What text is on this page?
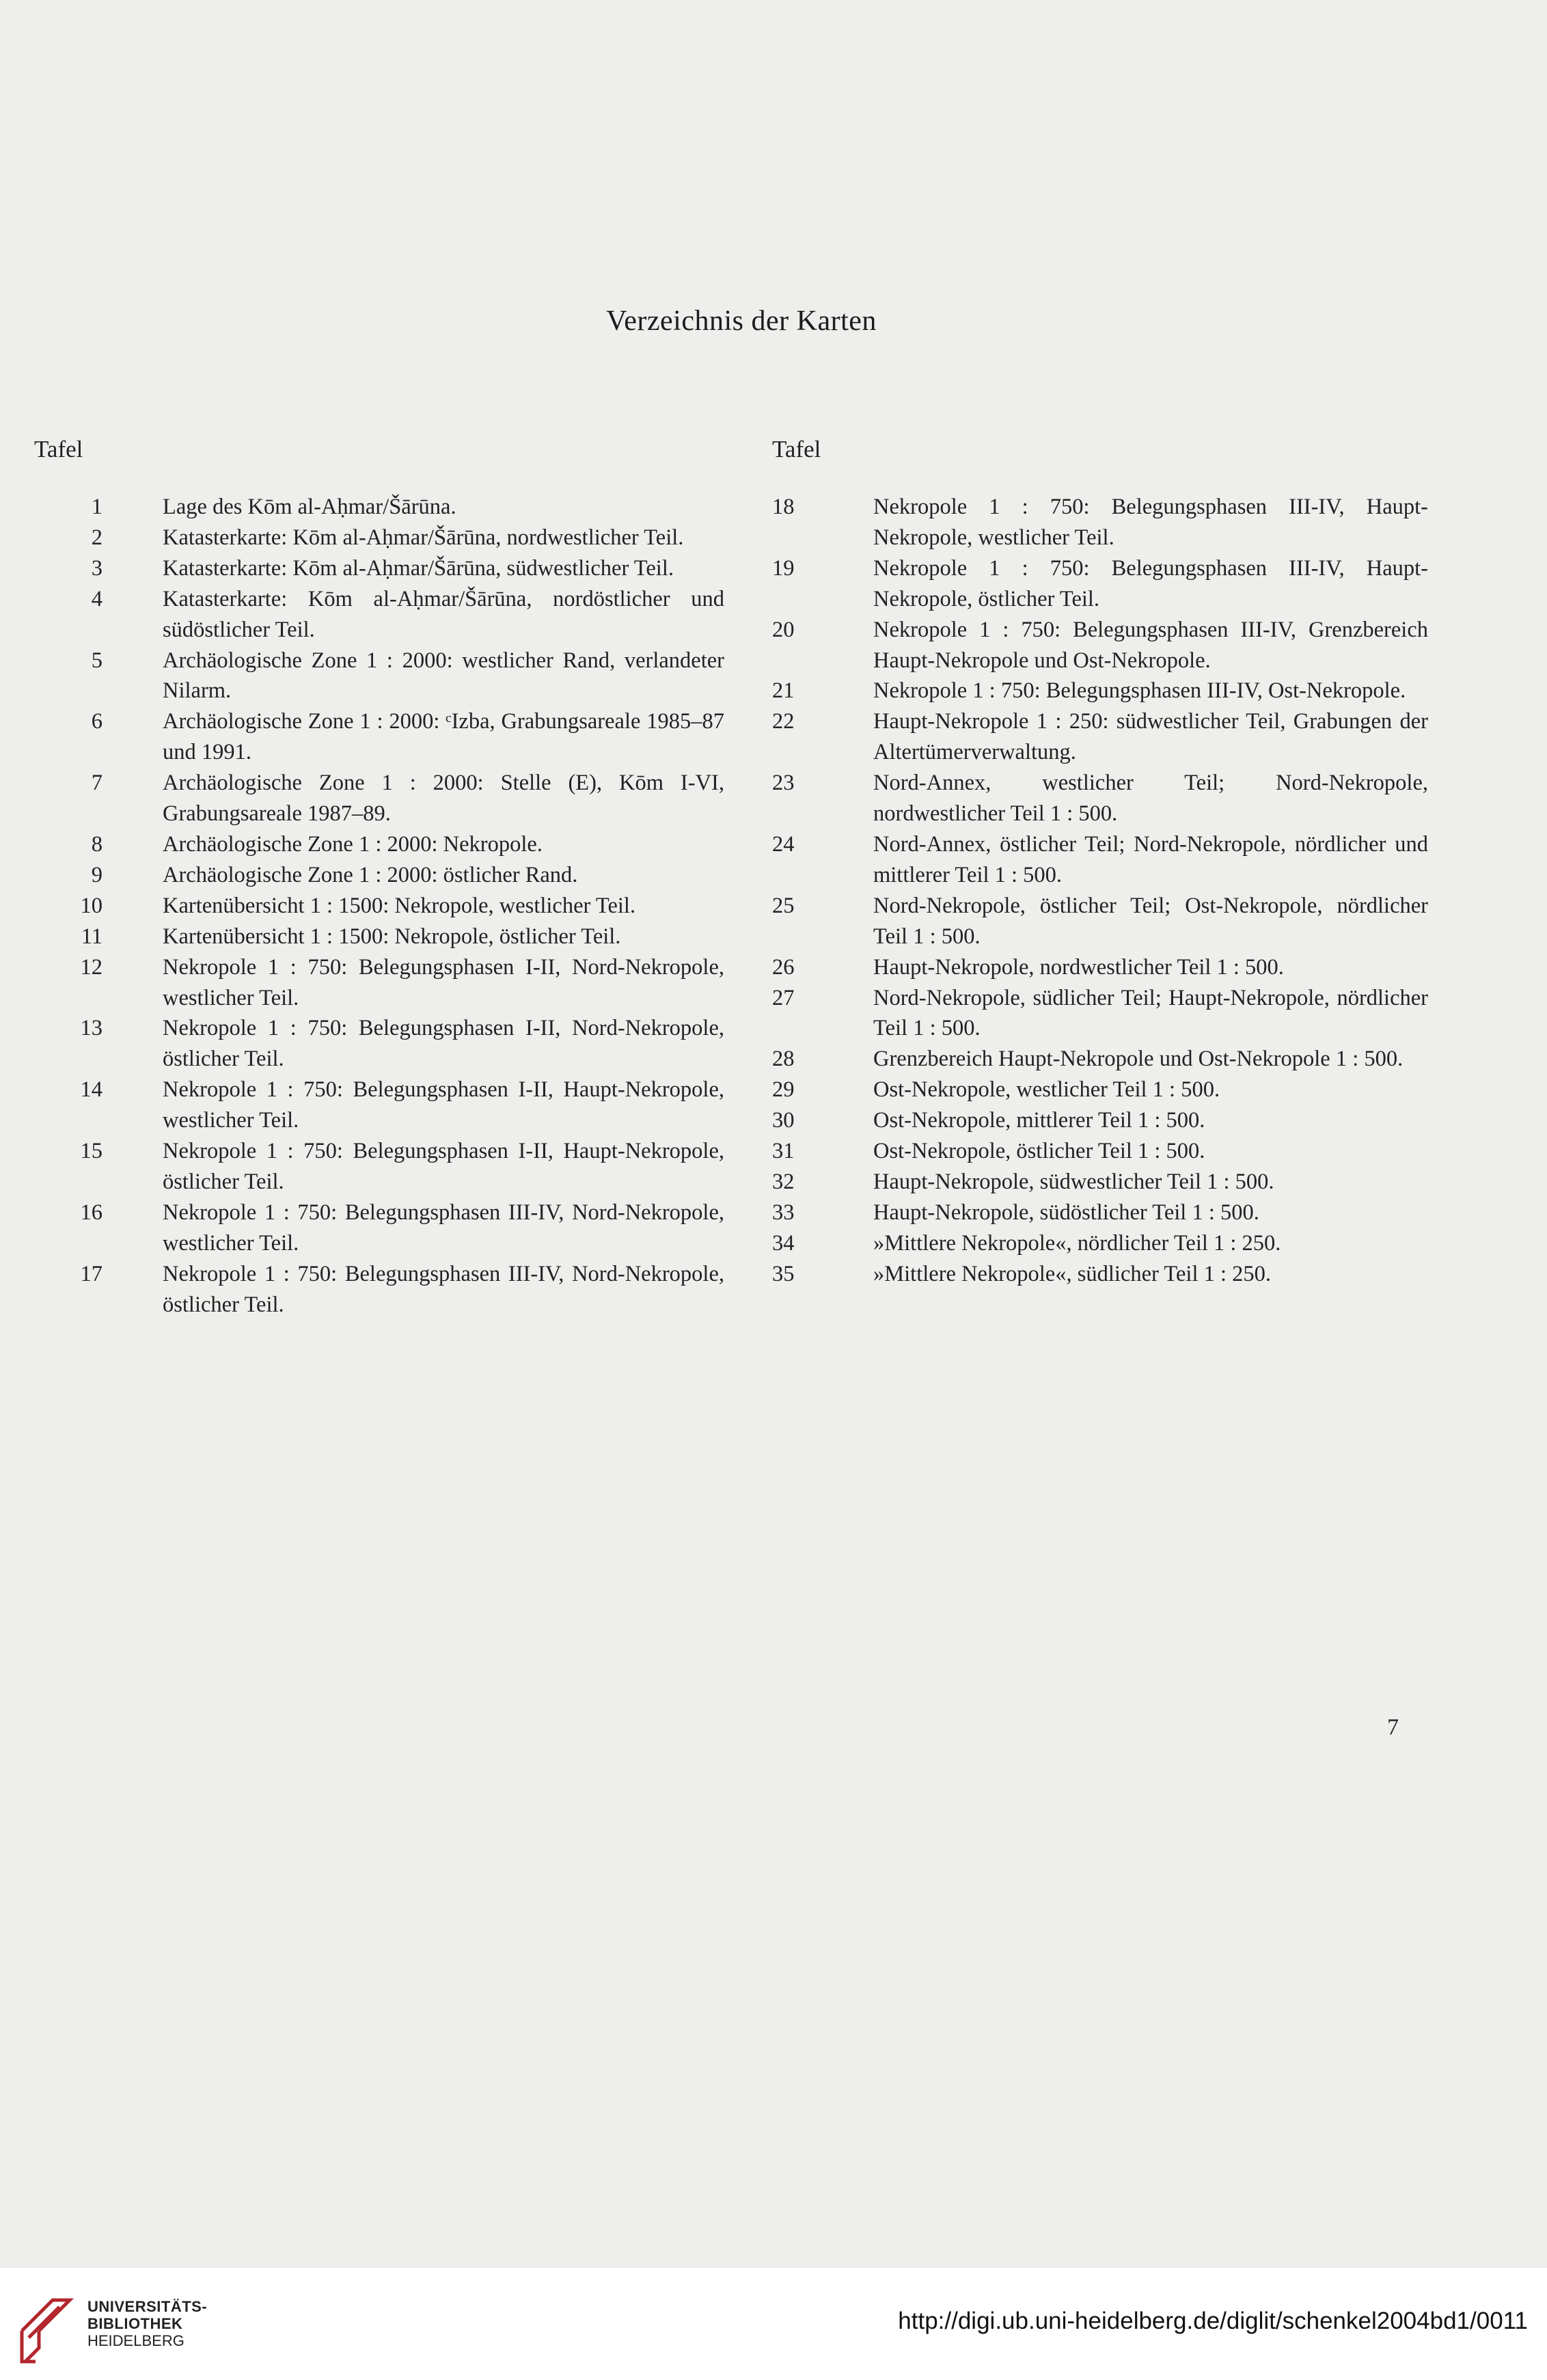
Verzeichnis der Karten
Tafel
1	Lage des Kōm al-Aḥmar/Šārūna.
2	Katasterkarte: Kōm al-Aḥmar/Šārūna, nordwestlicher Teil.
3	Katasterkarte: Kōm al-Aḥmar/Šārūna, südwestlicher Teil.
4	Katasterkarte: Kōm al-Aḥmar/Šārūna, nordöstlicher und südöstlicher Teil.
5	Archäologische Zone 1 : 2000: westlicher Rand, verlandeter Nilarm.
6	Archäologische Zone 1 : 2000: ᶜIzba, Grabungsareale 1985–87 und 1991.
7	Archäologische Zone 1 : 2000: Stelle (E), Kōm I-VI, Grabungsareale 1987–89.
8	Archäologische Zone 1 : 2000: Nekropole.
9	Archäologische Zone 1 : 2000: östlicher Rand.
10	Kartenübersicht 1 : 1500: Nekropole, westlicher Teil.
11	Kartenübersicht 1 : 1500: Nekropole, östlicher Teil.
12	Nekropole 1 : 750: Belegungsphasen I-II, Nord-Nekropole, westlicher Teil.
13	Nekropole 1 : 750: Belegungsphasen I-II, Nord-Nekropole, östlicher Teil.
14	Nekropole 1 : 750: Belegungsphasen I-II, Haupt-Nekropole, westlicher Teil.
15	Nekropole 1 : 750: Belegungsphasen I-II, Haupt-Nekropole, östlicher Teil.
16	Nekropole 1 : 750: Belegungsphasen III-IV, Nord-Nekropole, westlicher Teil.
17	Nekropole 1 : 750: Belegungsphasen III-IV, Nord-Nekropole, östlicher Teil.
Tafel
18	Nekropole 1 : 750: Belegungsphasen III-IV, Haupt-Nekropole, westlicher Teil.
19	Nekropole 1 : 750: Belegungsphasen III-IV, Haupt-Nekropole, östlicher Teil.
20	Nekropole 1 : 750: Belegungsphasen III-IV, Grenzbereich Haupt-Nekropole und Ost-Nekropole.
21	Nekropole 1 : 750: Belegungsphasen III-IV, Ost-Nekropole.
22	Haupt-Nekropole 1 : 250: südwestlicher Teil, Grabungen der Altertümerverwaltung.
23	Nord-Annex, westlicher Teil; Nord-Nekropole, nordwestlicher Teil 1 : 500.
24	Nord-Annex, östlicher Teil; Nord-Nekropole, nördlicher und mittlerer Teil 1 : 500.
25	Nord-Nekropole, östlicher Teil; Ost-Nekropole, nördlicher Teil 1 : 500.
26	Haupt-Nekropole, nordwestlicher Teil 1 : 500.
27	Nord-Nekropole, südlicher Teil; Haupt-Nekropole, nördlicher Teil 1 : 500.
28	Grenzbereich Haupt-Nekropole und Ost-Nekropole 1 : 500.
29	Ost-Nekropole, westlicher Teil 1 : 500.
30	Ost-Nekropole, mittlerer Teil 1 : 500.
31	Ost-Nekropole, östlicher Teil 1 : 500.
32	Haupt-Nekropole, südwestlicher Teil 1 : 500.
33	Haupt-Nekropole, südöstlicher Teil 1 : 500.
34	»Mittlere Nekropole«, nördlicher Teil 1 : 250.
35	»Mittlere Nekropole«, südlicher Teil 1 : 250.
7
UNIVERSITÄTS-
BIBLIOTHEK
HEIDELBERG
http://digi.ub.uni-heidelberg.de/diglit/schenkel2004bd1/0011
